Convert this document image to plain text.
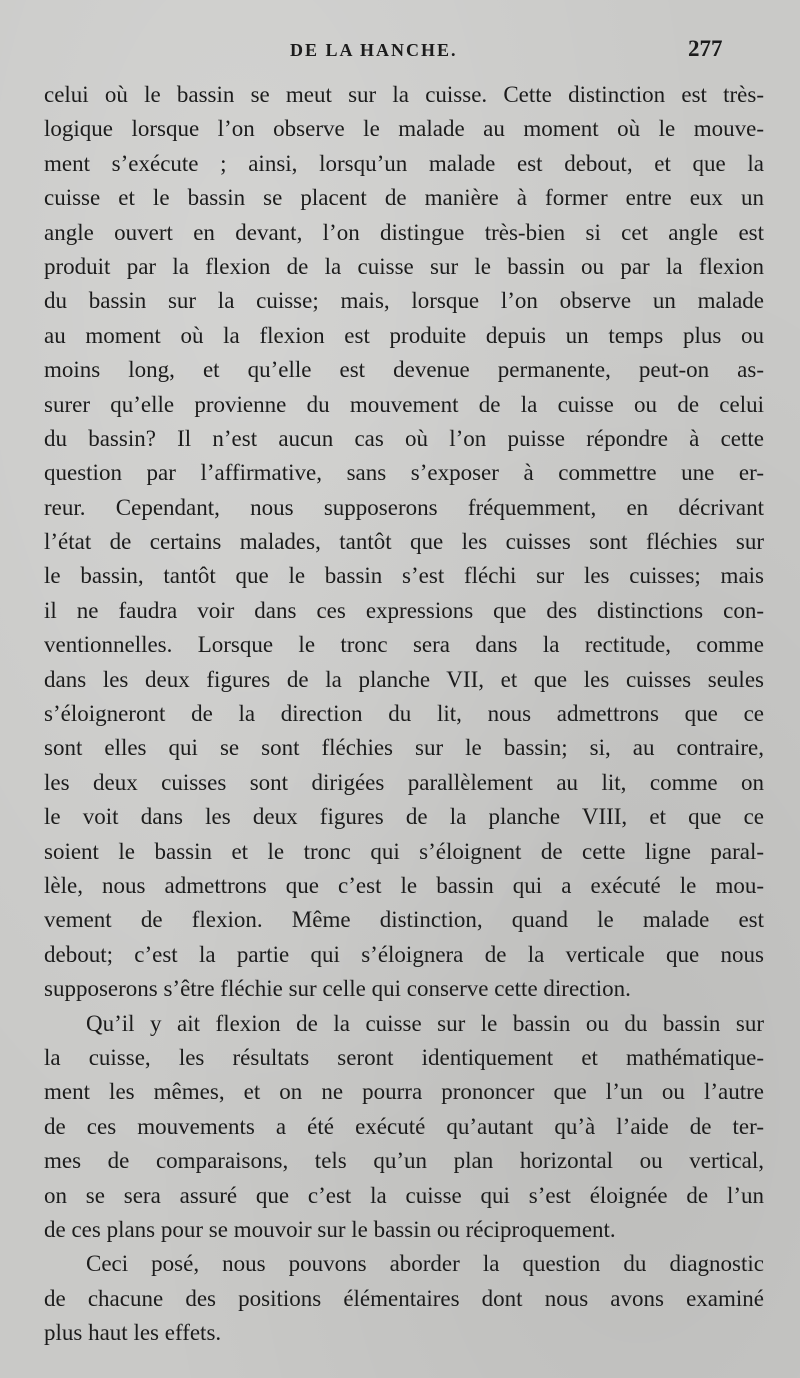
DE LA HANCHE.	277
celui où le bassin se meut sur la cuisse. Cette distinction est très-
logique lorsque l’on observe le malade au moment où le mouve-
ment s’exécute ; ainsi, lorsqu’un malade est debout, et que la
cuisse et le bassin se placent de manière à former entre eux un
angle ouvert en devant, l’on distingue très-bien si cet angle est
produit par la flexion de la cuisse sur le bassin ou par la flexion
du bassin sur la cuisse; mais, lorsque l’on observe un malade
au moment où la flexion est produite depuis un temps plus ou
moins long, et qu’elle est devenue permanente, peut-on as-
surer qu’elle provienne du mouvement de la cuisse ou de celui
du bassin? Il n’est aucun cas où l’on puisse répondre à cette
question par l’affirmative, sans s’exposer à commettre une er-
reur. Cependant, nous supposerons fréquemment, en décrivant
l’état de certains malades, tantôt que les cuisses sont fléchies sur
le bassin, tantôt que le bassin s’est fléchi sur les cuisses; mais
il ne faudra voir dans ces expressions que des distinctions con-
ventionnelles. Lorsque le tronc sera dans la rectitude, comme
dans les deux figures de la planche VII, et que les cuisses seules
s’éloigneront de la direction du lit, nous admettrons que ce
sont elles qui se sont fléchies sur le bassin; si, au contraire,
les deux cuisses sont dirigées parallèlement au lit, comme on
le voit dans les deux figures de la planche VIII, et que ce
soient le bassin et le tronc qui s’éloignent de cette ligne paral-
lèle, nous admettrons que c’est le bassin qui a exécuté le mou-
vement de flexion. Même distinction, quand le malade est
debout; c’est la partie qui s’éloignera de la verticale que nous
supposerons s’être fléchie sur celle qui conserve cette direction.
Qu’il y ait flexion de la cuisse sur le bassin ou du bassin sur
la cuisse, les résultats seront identiquement et mathématique-
ment les mêmes, et on ne pourra prononcer que l’un ou l’autre
de ces mouvements a été exécuté qu’autant qu’à l’aide de ter-
mes de comparaisons, tels qu’un plan horizontal ou vertical,
on se sera assuré que c’est la cuisse qui s’est éloignée de l’un
de ces plans pour se mouvoir sur le bassin ou réciproquement.
Ceci posé, nous pouvons aborder la question du diagnostic
de chacune des positions élémentaires dont nous avons examiné
plus haut les effets.
